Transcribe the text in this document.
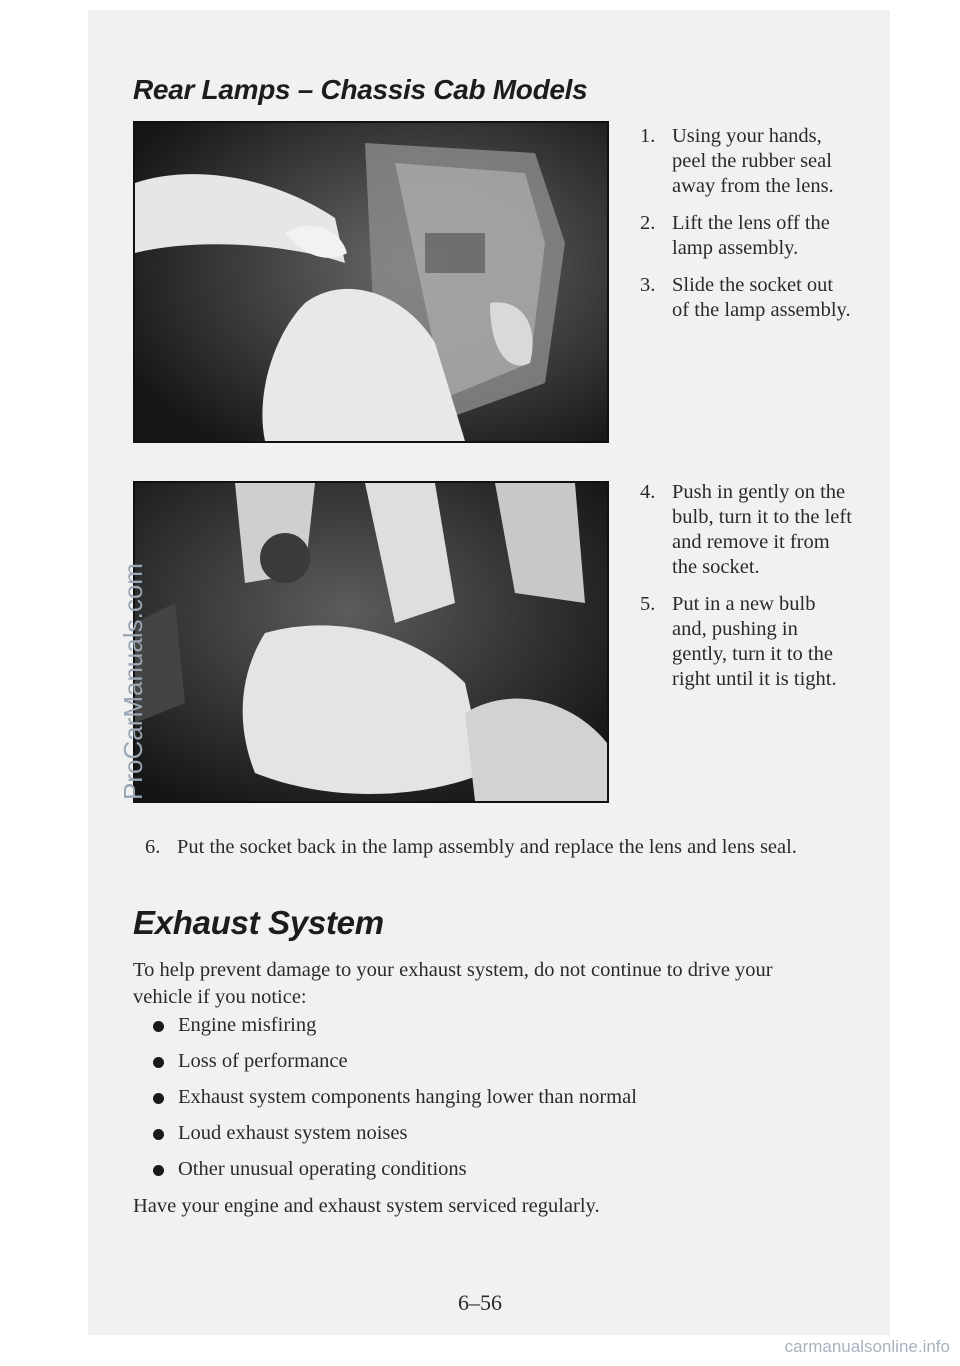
Rear Lamps – Chassis Cab Models
1. Using your hands, peel the rubber seal away from the lens.
2. Lift the lens off the lamp assembly.
3. Slide the socket out of the lamp assembly.
4. Push in gently on the bulb, turn it to the left and remove it from the socket.
5. Put in a new bulb and, pushing in gently, turn it to the right until it is tight.
6. Put the socket back in the lamp assembly and replace the lens and lens seal.
Exhaust System

To help prevent damage to your exhaust system, do not continue to drive your vehicle if you notice:

Engine misfiring
Loss of performance
Exhaust system components hanging lower than normal
Loud exhaust system noises
Other unusual operating conditions

Have your engine and exhaust system serviced regularly.

6–56
ProCarManuals.com
carmanualsonline.info
